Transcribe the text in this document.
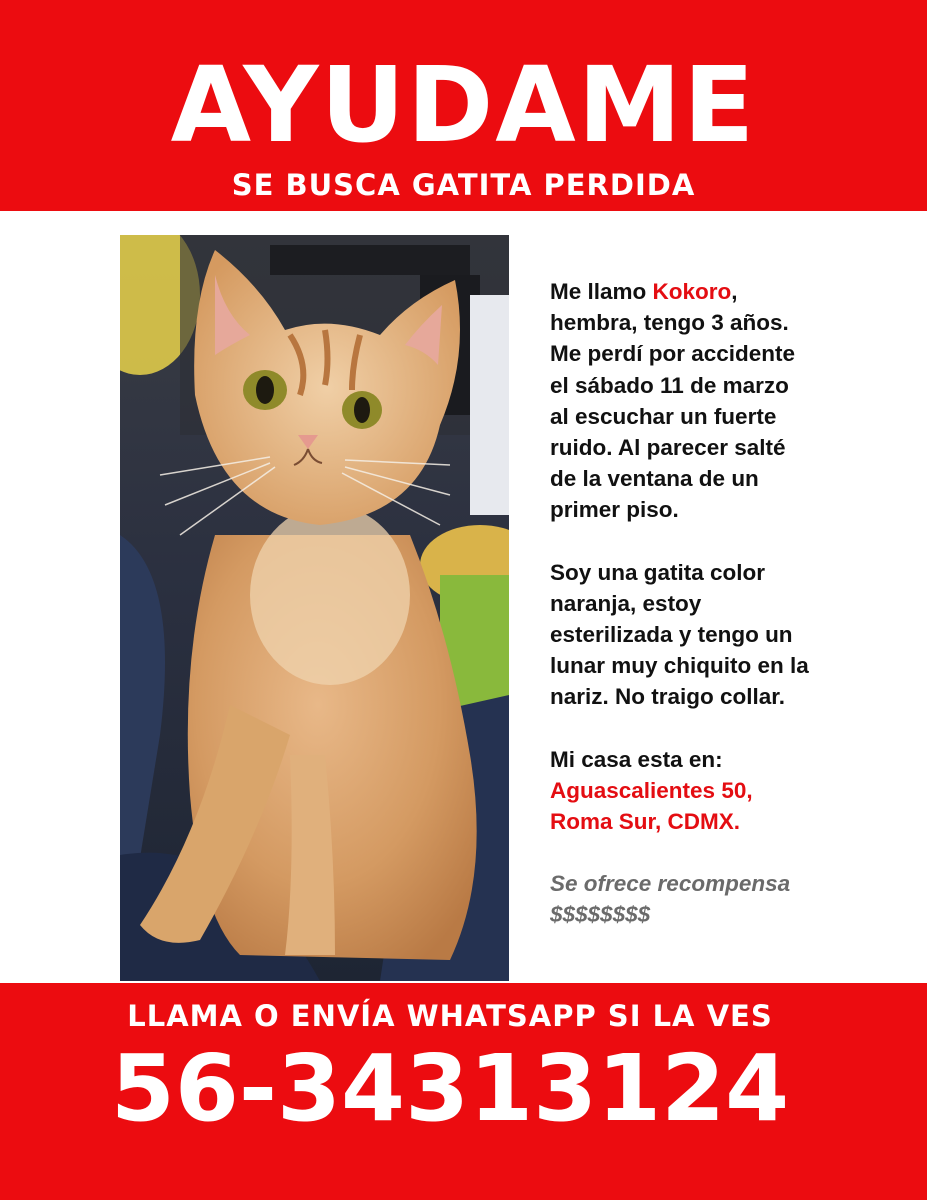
AYUDAME
SE BUSCA GATITA PERDIDA

Me llamo Kokoro,

hembra, tengo 3 años.

Me perdí por accidente

el sábado 11 de marzo

al escuchar un fuerte

ruido. Al parecer salté

de la ventana de un

primer piso.

Soy una gatita color

naranja, estoy

esterilizada y tengo un

lunar muy chiquito en la

nariz. No traigo collar.

Mi casa esta en:

Aguascalientes 50,

Roma Sur, CDMX.

Se ofrece recompensa

$$$$$$$$

LLAMA O ENVÍA WHATSAPP SI LA VES
56-34313124
